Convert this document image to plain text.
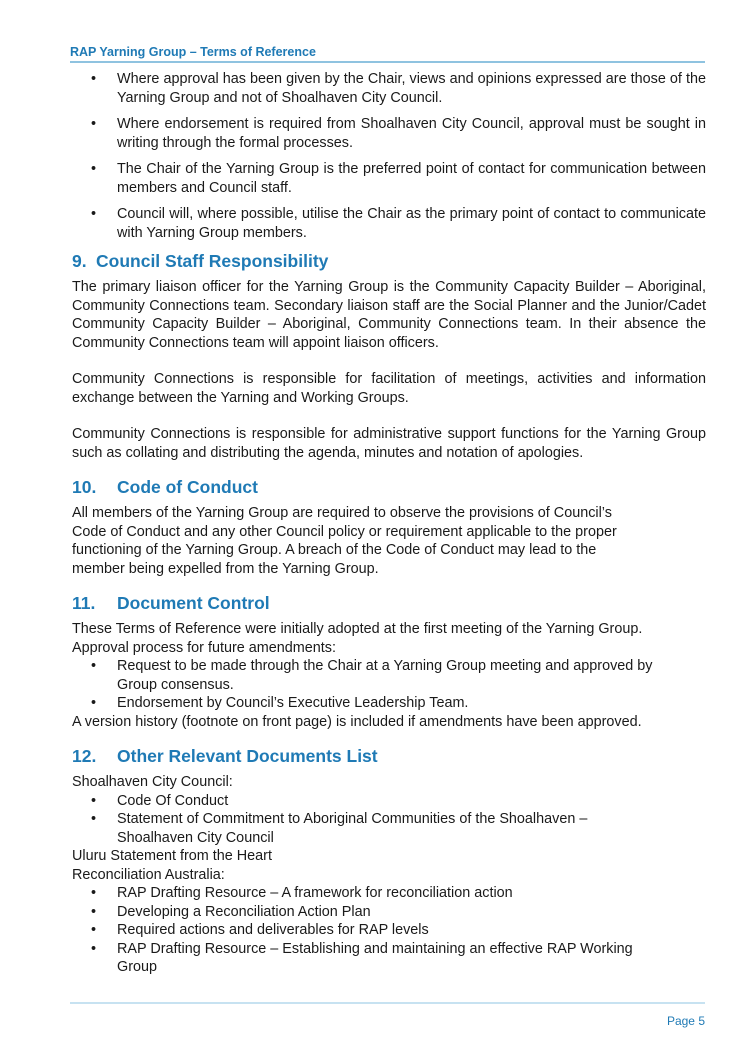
RAP Yarning Group – Terms of Reference
• Where approval has been given by the Chair, views and opinions expressed are those of the Yarning Group and not of Shoalhaven City Council.
• Where endorsement is required from Shoalhaven City Council, approval must be sought in writing through the formal processes.
• The Chair of the Yarning Group is the preferred point of contact for communication between members and Council staff.
• Council will, where possible, utilise the Chair as the primary point of contact to communicate with Yarning Group members.
9. Council Staff Responsibility

The primary liaison officer for the Yarning Group is the Community Capacity Builder – Aboriginal, Community Connections team. Secondary liaison staff are the Social Planner and the Junior/Cadet Community Capacity Builder – Aboriginal, Community Connections team. In their absence the Community Connections team will appoint liaison officers.

Community Connections is responsible for facilitation of meetings, activities and information exchange between the Yarning and Working Groups.

Community Connections is responsible for administrative support functions for the Yarning Group such as collating and distributing the agenda, minutes and notation of apologies.

10. Code of Conduct

All members of the Yarning Group are required to observe the provisions of Council’s

Code of Conduct and any other Council policy or requirement applicable to the proper

functioning of the Yarning Group. A breach of the Code of Conduct may lead to the

member being expelled from the Yarning Group.

11. Document Control

These Terms of Reference were initially adopted at the first meeting of the Yarning Group.

Approval process for future amendments:

• Request to be made through the Chair at a Yarning Group meeting and approved by Group consensus.
• Endorsement by Council’s Executive Leadership Team.

A version history (footnote on front page) is included if amendments have been approved.

12. Other Relevant Documents List

Shoalhaven City Council:

• Code Of Conduct
• Statement of Commitment to Aboriginal Communities of the Shoalhaven – Shoalhaven City Council

Uluru Statement from the Heart

Reconciliation Australia:

• RAP Drafting Resource – A framework for reconciliation action
• Developing a Reconciliation Action Plan
• Required actions and deliverables for RAP levels
• RAP Drafting Resource – Establishing and maintaining an effective RAP Working Group
Page 5
